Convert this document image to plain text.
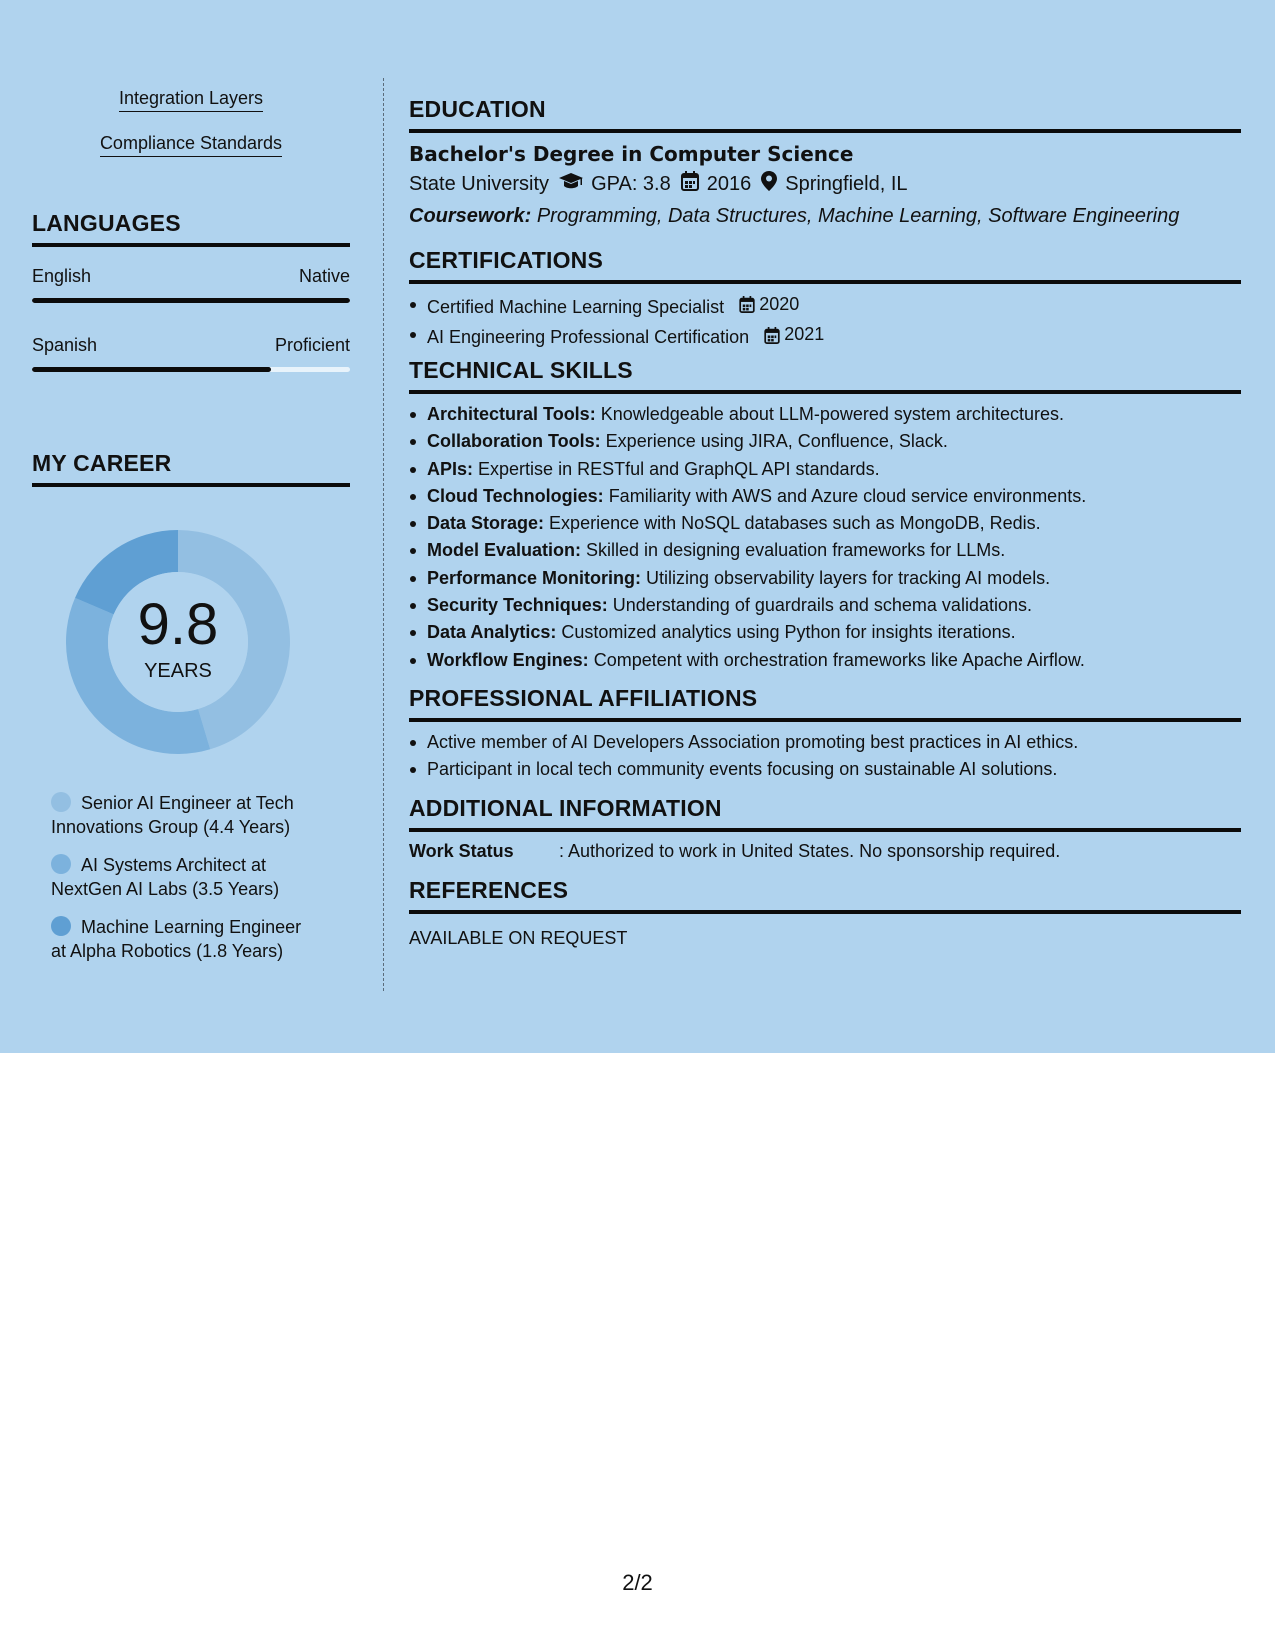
Integration Layers
Compliance Standards
LANGUAGES
English	Native
Spanish	Proficient
MY CAREER
9.8
YEARS
Senior AI Engineer at Tech Innovations Group (4.4 Years)
AI Systems Architect at NextGen AI Labs (3.5 Years)
Machine Learning Engineer at Alpha Robotics (1.8 Years)
EDUCATION
Bachelor's Degree in Computer Science
State University GPA: 3.8 2016 Springfield, IL
Coursework: Programming, Data Structures, Machine Learning, Software Engineering
CERTIFICATIONS
Certified Machine Learning Specialist 2020
AI Engineering Professional Certification 2021
TECHNICAL SKILLS
Architectural Tools: Knowledgeable about LLM-powered system architectures.
Collaboration Tools: Experience using JIRA, Confluence, Slack.
APIs: Expertise in RESTful and GraphQL API standards.
Cloud Technologies: Familiarity with AWS and Azure cloud service environments.
Data Storage: Experience with NoSQL databases such as MongoDB, Redis.
Model Evaluation: Skilled in designing evaluation frameworks for LLMs.
Performance Monitoring: Utilizing observability layers for tracking AI models.
Security Techniques: Understanding of guardrails and schema validations.
Data Analytics: Customized analytics using Python for insights iterations.
Workflow Engines: Competent with orchestration frameworks like Apache Airflow.
PROFESSIONAL AFFILIATIONS
Active member of AI Developers Association promoting best practices in AI ethics.
Participant in local tech community events focusing on sustainable AI solutions.
ADDITIONAL INFORMATION
Work Status	: Authorized to work in United States. No sponsorship required.
REFERENCES
AVAILABLE ON REQUEST
2/2
